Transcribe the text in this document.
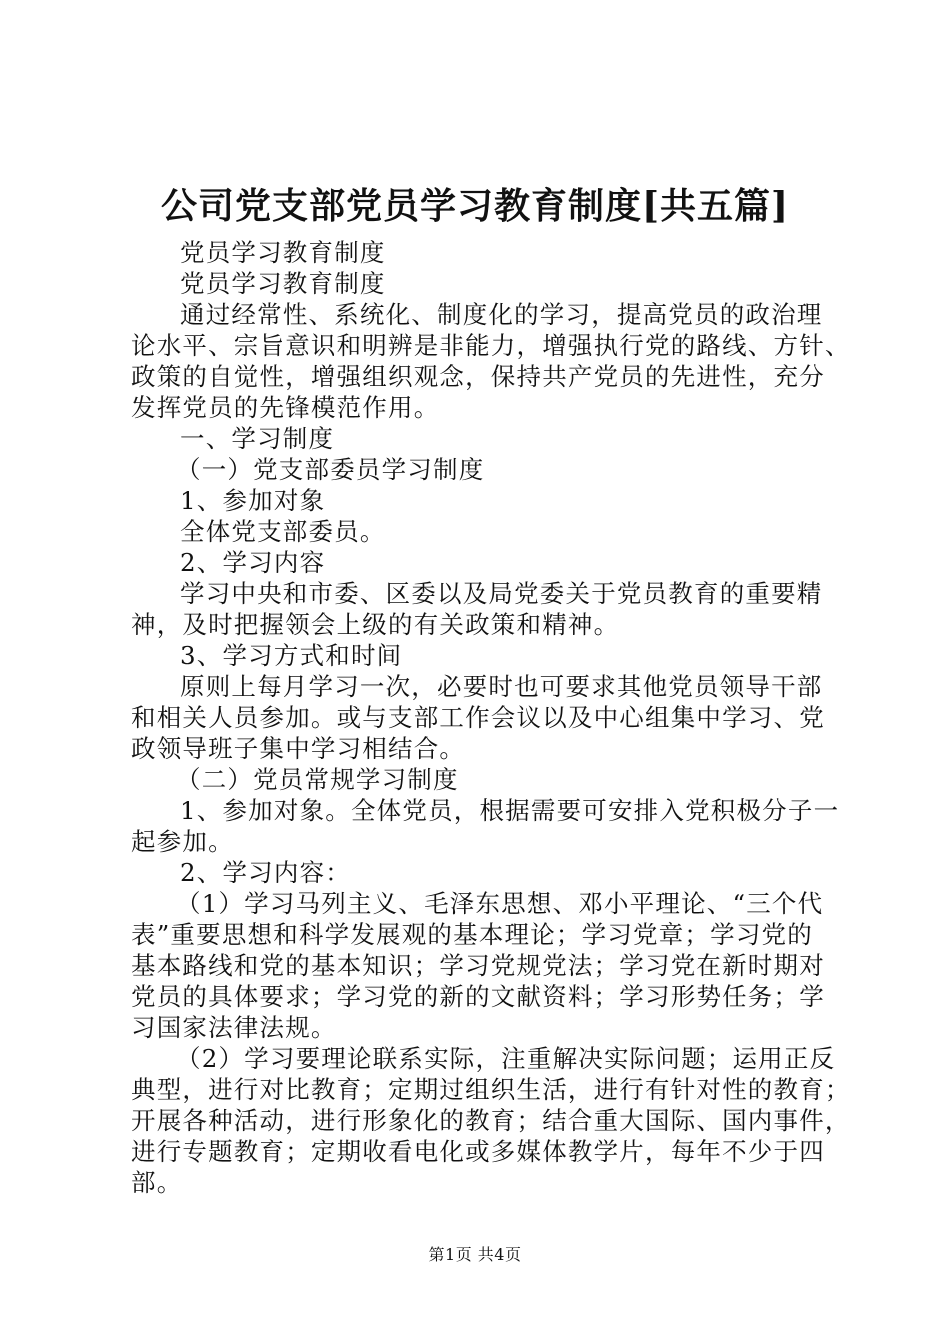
公司党支部党员学习教育制度[共五篇]

党员学习教育制度

党员学习教育制度

通过经常性、系统化、制度化的学习，提高党员的政治理

论水平、宗旨意识和明辨是非能力，增强执行党的路线、方针、

政策的自觉性，增强组织观念，保持共产党员的先进性，充分

发挥党员的先锋模范作用。

一、学习制度

（一）党支部委员学习制度

1、参加对象

全体党支部委员。

2、学习内容

学习中央和市委、区委以及局党委关于党员教育的重要精

神，及时把握领会上级的有关政策和精神。

3、学习方式和时间

原则上每月学习一次，必要时也可要求其他党员领导干部

和相关人员参加。或与支部工作会议以及中心组集中学习、党

政领导班子集中学习相结合。

（二）党员常规学习制度

1、参加对象。全体党员，根据需要可安排入党积极分子一

起参加。

2、学习内容：

（1）学习马列主义、毛泽东思想、邓小平理论、“三个代

表”重要思想和科学发展观的基本理论；学习党章；学习党的

基本路线和党的基本知识；学习党规党法；学习党在新时期对

党员的具体要求；学习党的新的文献资料；学习形势任务；学

习国家法律法规。

（2）学习要理论联系实际，注重解决实际问题；运用正反

典型，进行对比教育；定期过组织生活，进行有针对性的教育；

开展各种活动，进行形象化的教育；结合重大国际、国内事件，

进行专题教育；定期收看电化或多媒体教学片，每年不少于四

部。

第1页 共4页
